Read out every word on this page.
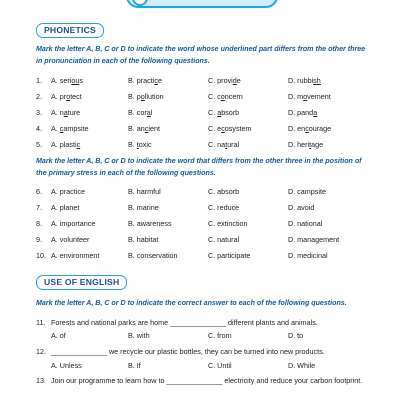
PHONETICS
Mark the letter A, B, C or D to indicate the word whose underlined part differs from the other three in pronunciation in each of the following questions.
1. A. serious	B. practice	C. provide	D. rubbish
2. A. protect	B. pollution	C. concern	D. movement
3. A. nature	B. coral	C. absorb	D. panda
4. A. campsite	B. ancient	C. ecosystem	D. encourage
5. A. plastic	B. toxic	C. natural	D. heritage
Mark the letter A, B, C or D to indicate the word that differs from the other three in the position of the primary stress in each of the following questions.
6. A. practice	B. harmful	C. absorb	D. campsite
7. A. planet	B. marine	C. reduce	D. avoid
8. A. importance	B. awareness	C. extinction	D. national
9. A. volunteer	B. habitat	C. natural	D. management
10. A. environment	B. conservation	C. participate	D. medicinal
USE OF ENGLISH
Mark the letter A, B, C or D to indicate the correct answer to each of the following questions.
11. Forests and national parks are home ______________ different plants and animals.
A. of	B. with	C. from	D. to
12. ______________ we recycle our plastic bottles, they can be turned into new products.
A. Unless	B. If	C. Until	D. While
13. Join our programme to learn how to ______________ electricity and reduce your carbon footprint.
